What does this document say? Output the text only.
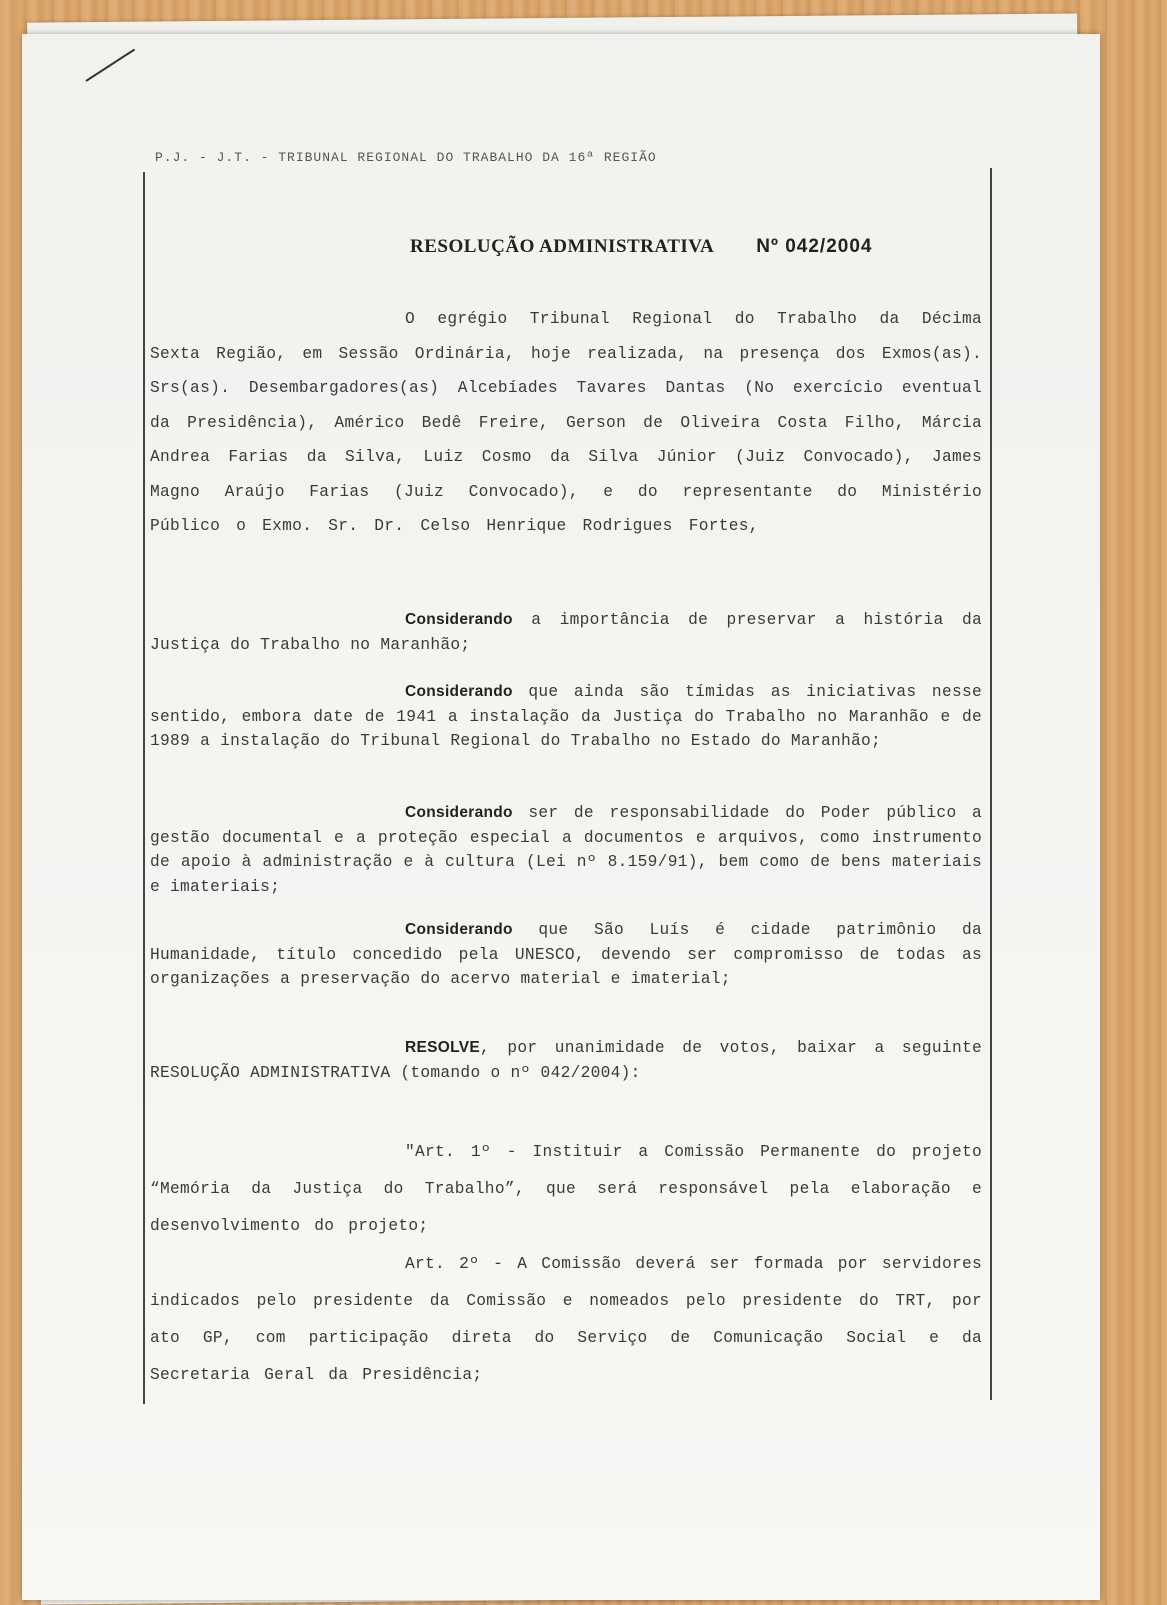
P.J. - J.T. - TRIBUNAL REGIONAL DO TRABALHO DA 16ª REGIÃO
RESOLUÇÃO ADMINISTRATIVA Nº 042/2004
O egrégio Tribunal Regional do Trabalho da Décima Sexta Região, em Sessão Ordinária, hoje realizada, na presença dos Exmos(as). Srs(as). Desembargadores(as) Alcebíades Tavares Dantas (No exercício eventual da Presidência), Américo Bedê Freire, Gerson de Oliveira Costa Filho, Márcia Andrea Farias da Silva, Luiz Cosmo da Silva Júnior (Juiz Convocado), James Magno Araújo Farias (Juiz Convocado), e do representante do Ministério Público o Exmo. Sr. Dr. Celso Henrique Rodrigues Fortes,
Considerando a importância de preservar a história da Justiça do Trabalho no Maranhão;
Considerando que ainda são tímidas as iniciativas nesse sentido, embora date de 1941 a instalação da Justiça do Trabalho no Maranhão e de 1989 a instalação do Tribunal Regional do Trabalho no Estado do Maranhão;
Considerando ser de responsabilidade do Poder público a gestão documental e a proteção especial a documentos e arquivos, como instrumento de apoio à administração e à cultura (Lei nº 8.159/91), bem como de bens materiais e imateriais;
Considerando que São Luís é cidade patrimônio da Humanidade, título concedido pela UNESCO, devendo ser compromisso de todas as organizações a preservação do acervo material e imaterial;
RESOLVE, por unanimidade de votos, baixar a seguinte RESOLUÇÃO ADMINISTRATIVA (tomando o nº 042/2004):
"Art. 1º - Instituir a Comissão Permanente do projeto “Memória da Justiça do Trabalho”, que será responsável pela elaboração e desenvolvimento do projeto;
Art. 2º - A Comissão deverá ser formada por servidores indicados pelo presidente da Comissão e nomeados pelo presidente do TRT, por ato GP, com participação direta do Serviço de Comunicação Social e da Secretaria Geral da Presidência;
